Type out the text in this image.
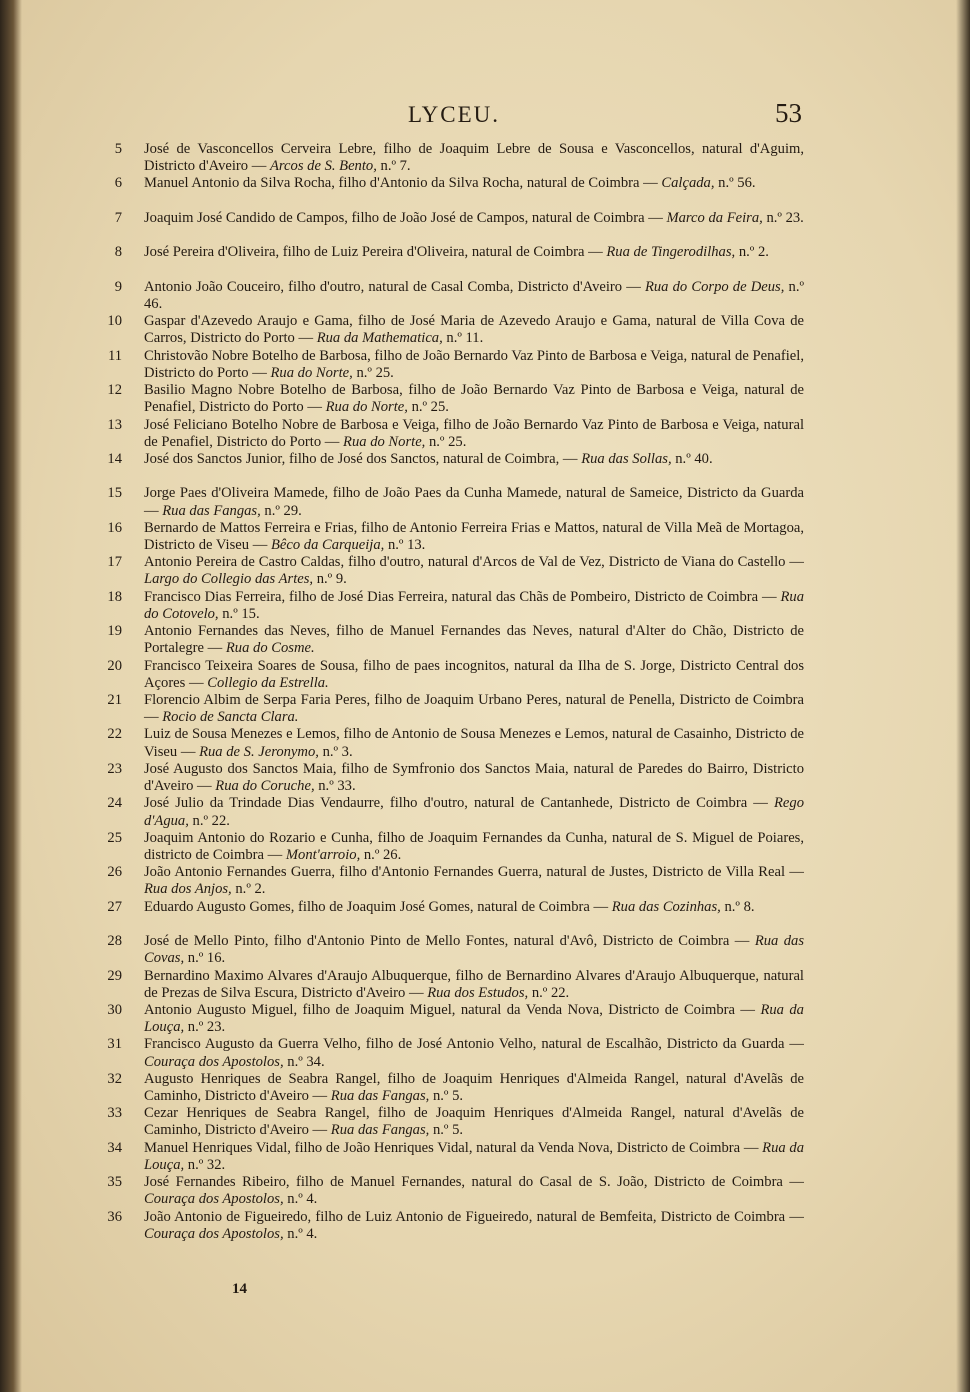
LYCEU.	53
5 José de Vasconcellos Cerveira Lebre, filho de Joaquim Lebre de Sousa e Vasconcellos, natural d'Aguim, Districto d'Aveiro — Arcos de S. Bento, n.º 7.
6 Manuel Antonio da Silva Rocha, filho d'Antonio da Silva Rocha, natural de Coimbra — Calçada, n.º 56.
7 Joaquim José Candido de Campos, filho de João José de Campos, natural de Coimbra — Marco da Feira, n.º 23.
8 José Pereira d'Oliveira, filho de Luiz Pereira d'Oliveira, natural de Coimbra — Rua de Tingerodilhas, n.º 2.
9 Antonio João Couceiro, filho d'outro, natural de Casal Comba, Districto d'Aveiro — Rua do Corpo de Deus, n.º 46.
10 Gaspar d'Azevedo Araujo e Gama, filho de José Maria de Azevedo Araujo e Gama, natural de Villa Cova de Carros, Districto do Porto — Rua da Mathematica, n.º 11.
11 Christovão Nobre Botelho de Barbosa, filho de João Bernardo Vaz Pinto de Barbosa e Veiga, natural de Penafiel, Districto do Porto — Rua do Norte, n.º 25.
12 Basilio Magno Nobre Botelho de Barbosa, filho de João Bernardo Vaz Pinto de Barbosa e Veiga, natural de Penafiel, Districto do Porto — Rua do Norte, n.º 25.
13 José Feliciano Botelho Nobre de Barbosa e Veiga, filho de João Bernardo Vaz Pinto de Barbosa e Veiga, natural de Penafiel, Districto do Porto — Rua do Norte, n.º 25.
14 José dos Sanctos Junior, filho de José dos Sanctos, natural de Coimbra, — Rua das Sollas, n.º 40.
15 Jorge Paes d'Oliveira Mamede, filho de João Paes da Cunha Mamede, natural de Sameice, Districto da Guarda — Rua das Fangas, n.º 29.
16 Bernardo de Mattos Ferreira e Frias, filho de Antonio Ferreira Frias e Mattos, natural de Villa Meã de Mortagoa, Districto de Viseu — Bêco da Carqueija, n.º 13.
17 Antonio Pereira de Castro Caldas, filho d'outro, natural d'Arcos de Val de Vez, Districto de Viana do Castello — Largo do Collegio das Artes, n.º 9.
18 Francisco Dias Ferreira, filho de José Dias Ferreira, natural das Chãs de Pombeiro, Districto de Coimbra — Rua do Cotovelo, n.º 15.
19 Antonio Fernandes das Neves, filho de Manuel Fernandes das Neves, natural d'Alter do Chão, Districto de Portalegre — Rua do Cosme.
20 Francisco Teixeira Soares de Sousa, filho de paes incognitos, natural da Ilha de S. Jorge, Districto Central dos Açores — Collegio da Estrella.
21 Florencio Albim de Serpa Faria Peres, filho de Joaquim Urbano Peres, natural de Penella, Districto de Coimbra — Rocio de Sancta Clara.
22 Luiz de Sousa Menezes e Lemos, filho de Antonio de Sousa Menezes e Lemos, natural de Casainho, Districto de Viseu — Rua de S. Jeronymo, n.º 3.
23 José Augusto dos Sanctos Maia, filho de Symfronio dos Sanctos Maia, natural de Paredes do Bairro, Districto d'Aveiro — Rua do Coruche, n.º 33.
24 José Julio da Trindade Dias Vendaurre, filho d'outro, natural de Cantanhede, Districto de Coimbra — Rego d'Agua, n.º 22.
25 Joaquim Antonio do Rozario e Cunha, filho de Joaquim Fernandes da Cunha, natural de S. Miguel de Poiares, districto de Coimbra — Mont'arroio, n.º 26.
26 João Antonio Fernandes Guerra, filho d'Antonio Fernandes Guerra, natural de Justes, Districto de Villa Real — Rua dos Anjos, n.º 2.
27 Eduardo Augusto Gomes, filho de Joaquim José Gomes, natural de Coimbra — Rua das Cozinhas, n.º 8.
28 José de Mello Pinto, filho d'Antonio Pinto de Mello Fontes, natural d'Avô, Districto de Coimbra — Rua das Covas, n.º 16.
29 Bernardino Maximo Alvares d'Araujo Albuquerque, filho de Bernardino Alvares d'Araujo Albuquerque, natural de Prezas de Silva Escura, Districto d'Aveiro — Rua dos Estudos, n.º 22.
30 Antonio Augusto Miguel, filho de Joaquim Miguel, natural da Venda Nova, Districto de Coimbra — Rua da Louça, n.º 23.
31 Francisco Augusto da Guerra Velho, filho de José Antonio Velho, natural de Escalhão, Districto da Guarda — Couraça dos Apostolos, n.º 34.
32 Augusto Henriques de Seabra Rangel, filho de Joaquim Henriques d'Almeida Rangel, natural d'Avelãs de Caminho, Districto d'Aveiro — Rua das Fangas, n.º 5.
33 Cezar Henriques de Seabra Rangel, filho de Joaquim Henriques d'Almeida Rangel, natural d'Avelãs de Caminho, Districto d'Aveiro — Rua das Fangas, n.º 5.
34 Manuel Henriques Vidal, filho de João Henriques Vidal, natural da Venda Nova, Districto de Coimbra — Rua da Louça, n.º 32.
35 José Fernandes Ribeiro, filho de Manuel Fernandes, natural do Casal de S. João, Districto de Coimbra — Couraça dos Apostolos, n.º 4.
36 João Antonio de Figueiredo, filho de Luiz Antonio de Figueiredo, natural de Bemfeita, Districto de Coimbra — Couraça dos Apostolos, n.º 4.
14
